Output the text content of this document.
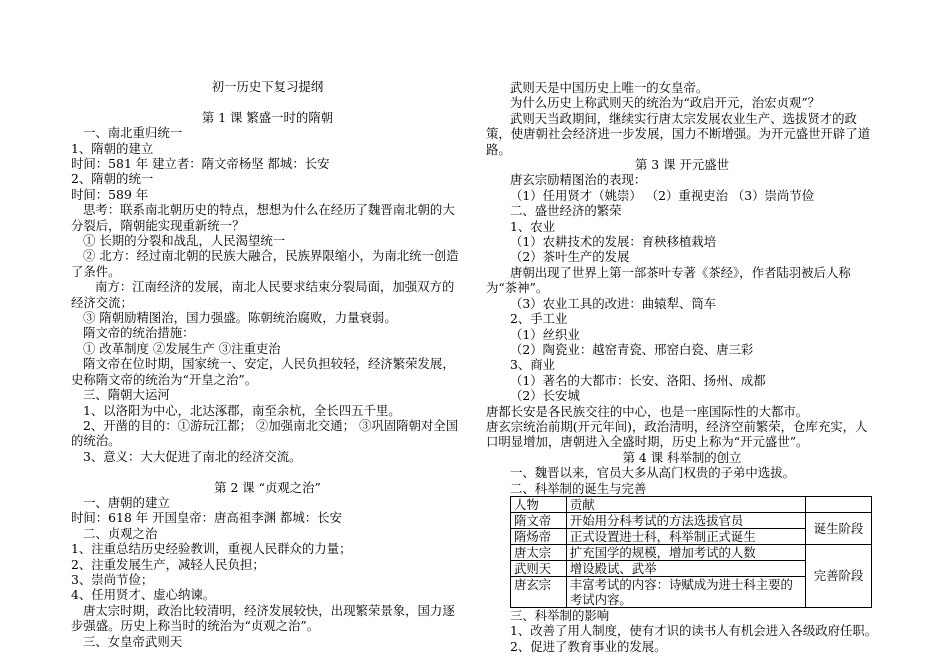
初一历史下复习提纲
第 1 课 繁盛一时的隋朝
一、南北重归统一
1、隋朝的建立
时间：581 年 建立者：隋文帝杨坚 都城：长安
2、隋朝的统一
时间：589 年
思考：联系南北朝历史的特点，想想为什么在经历了魏晋南北朝的大分裂后，隋朝能实现重新统一？
① 长期的分裂和战乱，人民渴望统一
② 北方：经过南北朝的民族大融合，民族界限缩小，为南北统一创造了条件。
南方：江南经济的发展，南北人民要求结束分裂局面，加强双方的经济交流；
③ 隋朝励精图治，国力强盛。陈朝统治腐败，力量衰弱。
隋文帝的统治措施：
① 改革制度 ②发展生产 ③注重吏治
隋文帝在位时期，国家统一、安定，人民负担较轻，经济繁荣发展，史称隋文帝的统治为“开皇之治”。
三、隋朝大运河
1、以洛阳为中心，北达涿郡，南至余杭，全长四五千里。
2、开凿的目的：①游玩江都； ②加强南北交通； ③巩固隋朝对全国的统治。
3、意义：大大促进了南北的经济交流。
第 2 课 “贞观之治”
一、唐朝的建立
时间：618 年 开国皇帝：唐高祖李渊 都城：长安
二、贞观之治
1、注重总结历史经验教训，重视人民群众的力量；
2、注重发展生产，减轻人民负担；
3、崇尚节俭；
4、任用贤才、虚心纳谏。
唐太宗时期，政治比较清明，经济发展较快，出现繁荣景象，国力逐步强盛。历史上称当时的统治为“贞观之治”。
三、女皇帝武则天
武则天是中国历史上唯一的女皇帝。
为什么历史上称武则天的统治为“政启开元，治宏贞观”？
武则天当政期间，继续实行唐太宗发展农业生产、选拔贤才的政策，使唐朝社会经济进一步发展，国力不断增强。为开元盛世开辟了道路。
第 3 课 开元盛世
唐玄宗励精图治的表现：
（1）任用贤才（姚崇） （2）重视吏治 （3）崇尚节俭
二、盛世经济的繁荣
1、农业
（1）农耕技术的发展：育秧移植栽培
（2）茶叶生产的发展
唐朝出现了世界上第一部茶叶专著《茶经》，作者陆羽被后人称为“茶神”。
（3）农业工具的改进：曲辕犁、筒车
2、手工业
（1）丝织业
（2）陶瓷业：越窑青瓷、邢窑白瓷、唐三彩
3、商业
（1）著名的大都市：长安、洛阳、扬州、成都
（2）长安城
唐都长安是各民族交往的中心，也是一座国际性的大都市。
唐玄宗统治前期(开元年间)，政治清明，经济空前繁荣，仓库充实，人口明显增加，唐朝进入全盛时期，历史上称为“开元盛世”。
第 4 课 科举制的创立
一、魏晋以来，官员大多从高门权贵的子弟中选拔。
二、科举制的诞生与完善
人物	贡献	
隋文帝	开始用分科考试的方法选拔官员	诞生阶段
隋炀帝	正式设置进士科，科举制正式诞生	
唐太宗	扩充国学的规模，增加考试的人数	完善阶段
武则天	增设殿试、武举	
唐玄宗	丰富考试的内容：诗赋成为进士科主要的考试内容。	
三、科举制的影响
1、改善了用人制度，使有才识的读书人有机会进入各级政府任职。
2、促进了教育事业的发展。
